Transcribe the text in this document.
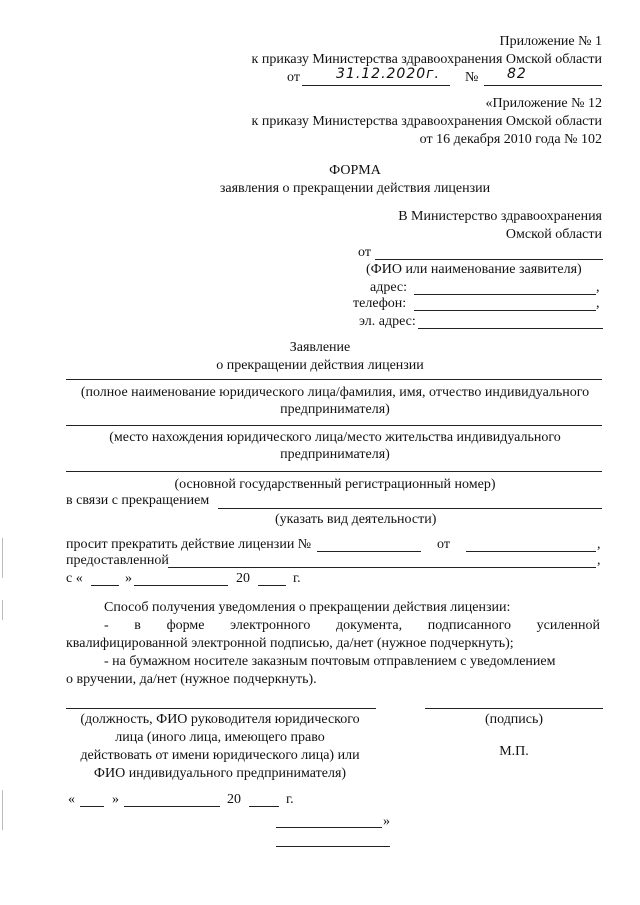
Приложение № 1
к приказу Министерства здравоохранения Омской области
от	31.12.2020г. № 82
«Приложение № 12
к приказу Министерства здравоохранения Омской области
от 16 декабря 2010 года № 102
ФОРМА
заявления о прекращении действия лицензии
В Министерство здравоохранения
Омской области
от
(ФИО или наименование заявителя)
адрес:	,
телефон:	,
эл. адрес:
Заявление
о прекращении действия лицензии
(полное наименование юридического лица/фамилия, имя, отчество индивидуального
предпринимателя)
(место нахождения юридического лица/место жительства индивидуального
предпринимателя)
(основной государственный регистрационный номер)
в связи с прекращением
(указать вид деятельности)
просит прекратить действие лицензии №	от	,
предоставленной	,
с «	»	20	г.
Способ получения уведомления о прекращении действия лицензии:
- в форме электронного документа, подписанного усиленной
квалифицированной электронной подписью, да/нет (нужное подчеркнуть);
- на бумажном носителе заказным почтовым отправлением с уведомлением
о вручении, да/нет (нужное подчеркнуть).
(должность, ФИО руководителя юридического
лица (иного лица, имеющего право
действовать от имени юридического лица) или
ФИО индивидуального предпринимателя)
(подпись)
М.П.
«	»	20	г.
»
